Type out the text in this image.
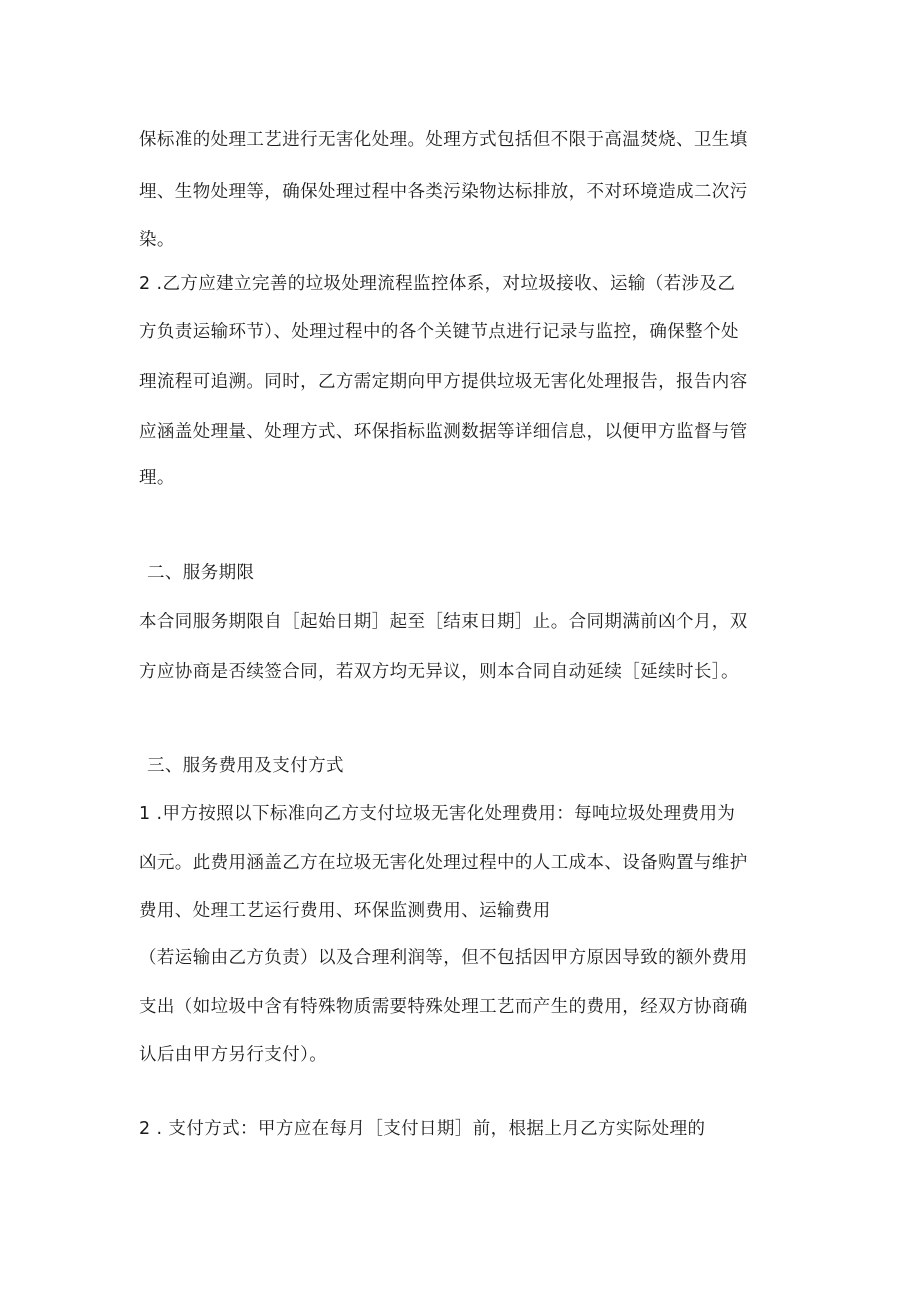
保标准的处理工艺进行无害化处理。处理方式包括但不限于高温焚烧、卫生填
埋、生物处理等，确保处理过程中各类污染物达标排放，不对环境造成二次污
染。
2 .乙方应建立完善的垃圾处理流程监控体系，对垃圾接收、运输（若涉及乙
方负责运输环节）、处理过程中的各个关键节点进行记录与监控，确保整个处
理流程可追溯。同时，乙方需定期向甲方提供垃圾无害化处理报告，报告内容
应涵盖处理量、处理方式、环保指标监测数据等详细信息，以便甲方监督与管
理。
二、服务期限
本合同服务期限自［起始日期］起至［结束日期］止。合同期满前凶个月，双
方应协商是否续签合同，若双方均无异议，则本合同自动延续［延续时长］。
三、服务费用及支付方式
1 .甲方按照以下标准向乙方支付垃圾无害化处理费用：每吨垃圾处理费用为
凶元。此费用涵盖乙方在垃圾无害化处理过程中的人工成本、设备购置与维护
费用、处理工艺运行费用、环保监测费用、运输费用
（若运输由乙方负责）以及合理利润等，但不包括因甲方原因导致的额外费用
支出（如垃圾中含有特殊物质需要特殊处理工艺而产生的费用，经双方协商确
认后由甲方另行支付）。
2 . 支付方式：甲方应在每月［支付日期］前，根据上月乙方实际处理的
